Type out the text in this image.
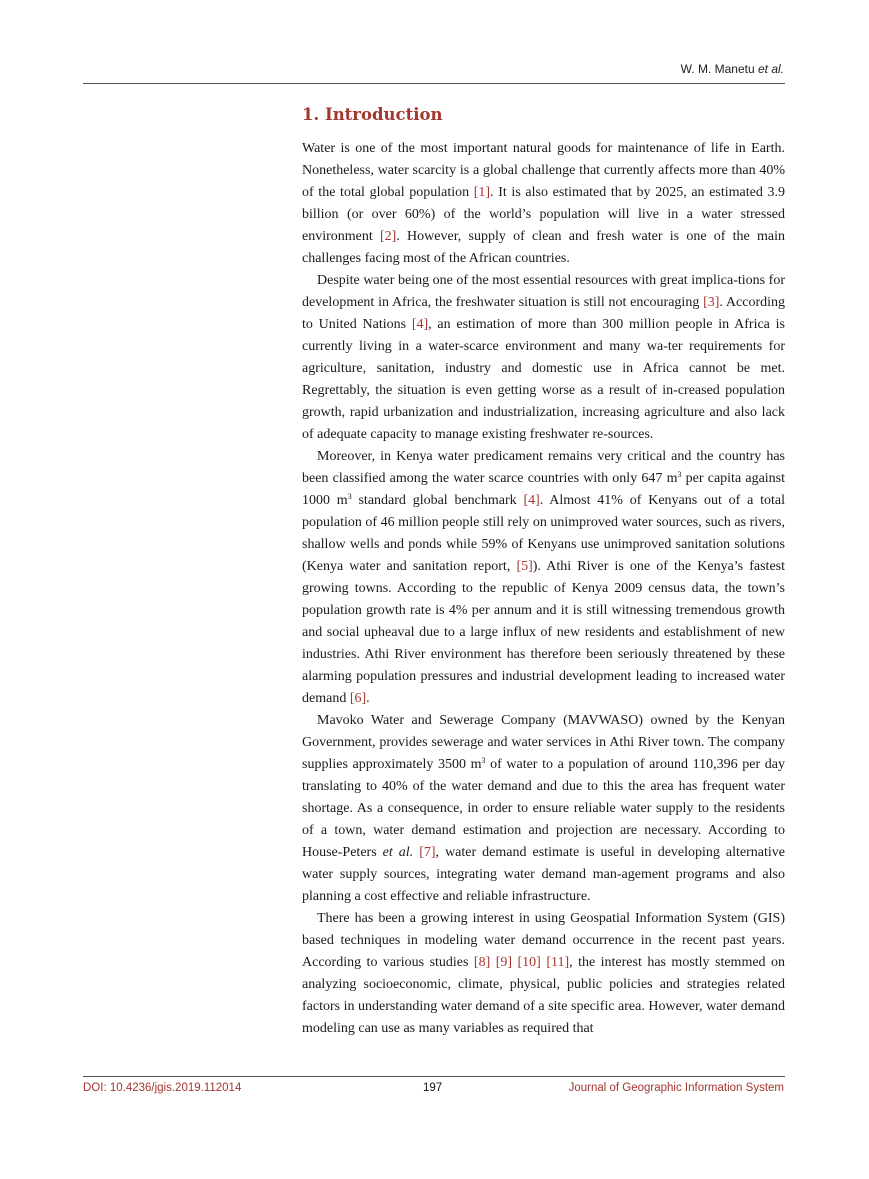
W. M. Manetu et al.
1. Introduction

Water is one of the most important natural goods for maintenance of life in Earth. Nonetheless, water scarcity is a global challenge that currently affects more than 40% of the total global population [1]. It is also estimated that by 2025, an estimated 3.9 billion (or over 60%) of the world’s population will live in a water stressed environment [2]. However, supply of clean and fresh water is one of the main challenges facing most of the African countries.

Despite water being one of the most essential resources with great implica-tions for development in Africa, the freshwater situation is still not encouraging [3]. According to United Nations [4], an estimation of more than 300 million people in Africa is currently living in a water-scarce environment and many wa-ter requirements for agriculture, sanitation, industry and domestic use in Africa cannot be met. Regrettably, the situation is even getting worse as a result of in-creased population growth, rapid urbanization and industrialization, increasing agriculture and also lack of adequate capacity to manage existing freshwater re-sources.

Moreover, in Kenya water predicament remains very critical and the country has been classified among the water scarce countries with only 647 $m^3$ per capita against 1000 $m^3$ standard global benchmark [4]. Almost 41% of Kenyans out of a total population of 46 million people still rely on unimproved water sources, such as rivers, shallow wells and ponds while 59% of Kenyans use unimproved sanitation solutions (Kenya water and sanitation report, [5]). Athi River is one of the Kenya’s fastest growing towns. According to the republic of Kenya 2009 census data, the town’s population growth rate is 4% per annum and it is still witnessing tremendous growth and social upheaval due to a large influx of new residents and establishment of new industries. Athi River environment has therefore been seriously threatened by these alarming population pressures and industrial development leading to increased water demand [6].

Mavoko Water and Sewerage Company (MAVWASO) owned by the Kenyan Government, provides sewerage and water services in Athi River town. The company supplies approximately 3500 $m^3$ of water to a population of around 110,396 per day translating to 40% of the water demand and due to this the area has frequent water shortage. As a consequence, in order to ensure reliable water supply to the residents of a town, water demand estimation and projection are necessary. According to House-Peters et al. [7], water demand estimate is useful in developing alternative water supply sources, integrating water demand man-agement programs and also planning a cost effective and reliable infrastructure.

There has been a growing interest in using Geospatial Information System (GIS) based techniques in modeling water demand occurrence in the recent past years. According to various studies [8] [9] [10] [11], the interest has mostly stemmed on analyzing socioeconomic, climate, physical, public policies and strategies related factors in understanding water demand of a site specific area. However, water demand modeling can use as many variables as required that

DOI: 10.4236/jgis.2019.112014	197	Journal of Geographic Information System
